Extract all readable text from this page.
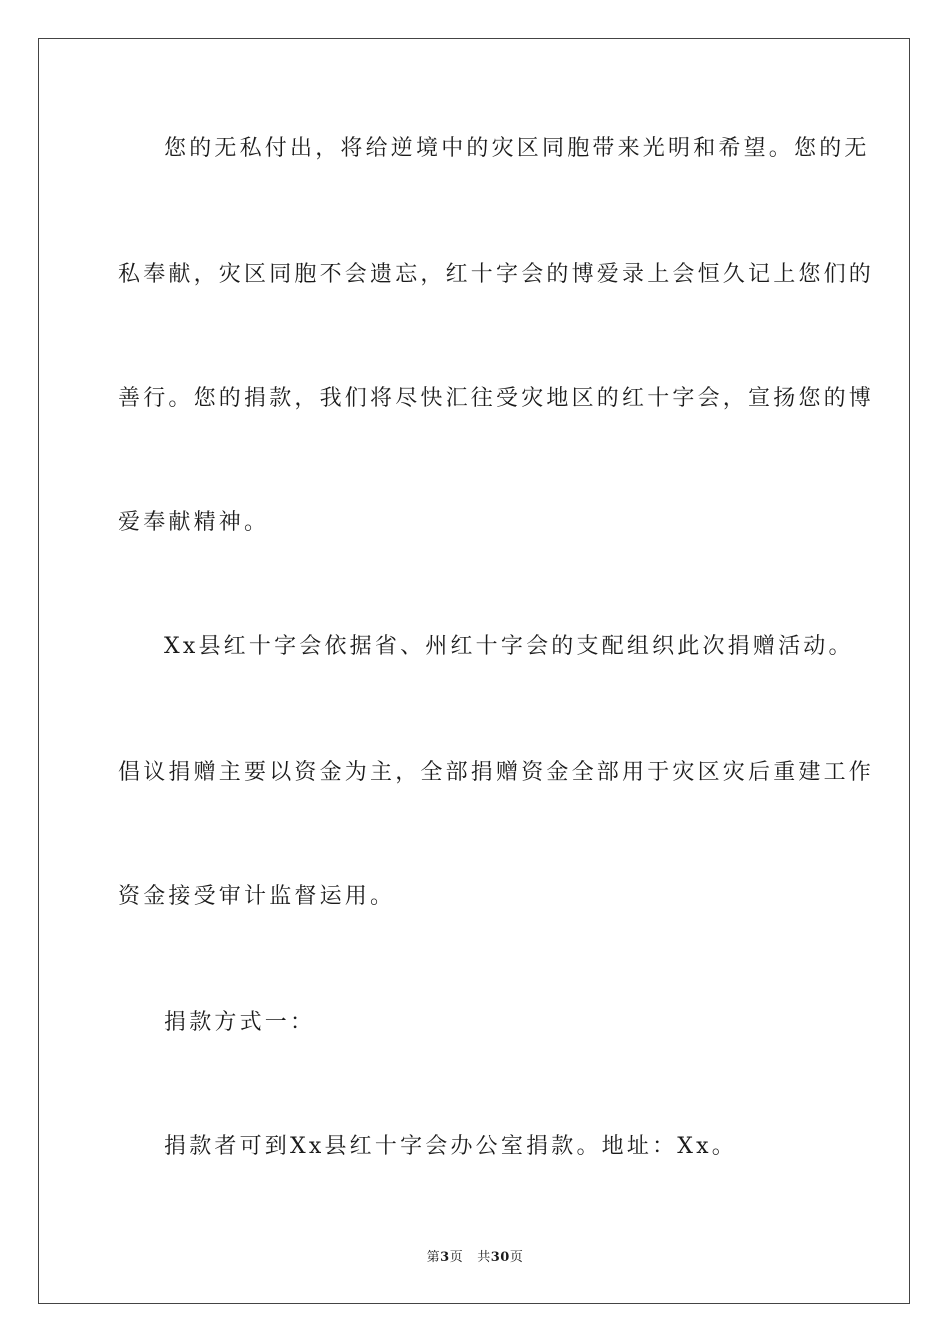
您的无私付出，将给逆境中的灾区同胞带来光明和希望。您的无
私奉献，灾区同胞不会遗忘，红十字会的博爱录上会恒久记上您们的
善行。您的捐款，我们将尽快汇往受灾地区的红十字会，宣扬您的博
爱奉献精神。
Xx县红十字会依据省、州红十字会的支配组织此次捐赠活动。
倡议捐赠主要以资金为主，全部捐赠资金全部用于灾区灾后重建工作
资金接受审计监督运用。
捐款方式一：
捐款者可到Xx县红十字会办公室捐款。地址：Xx。
第3页 共30页
